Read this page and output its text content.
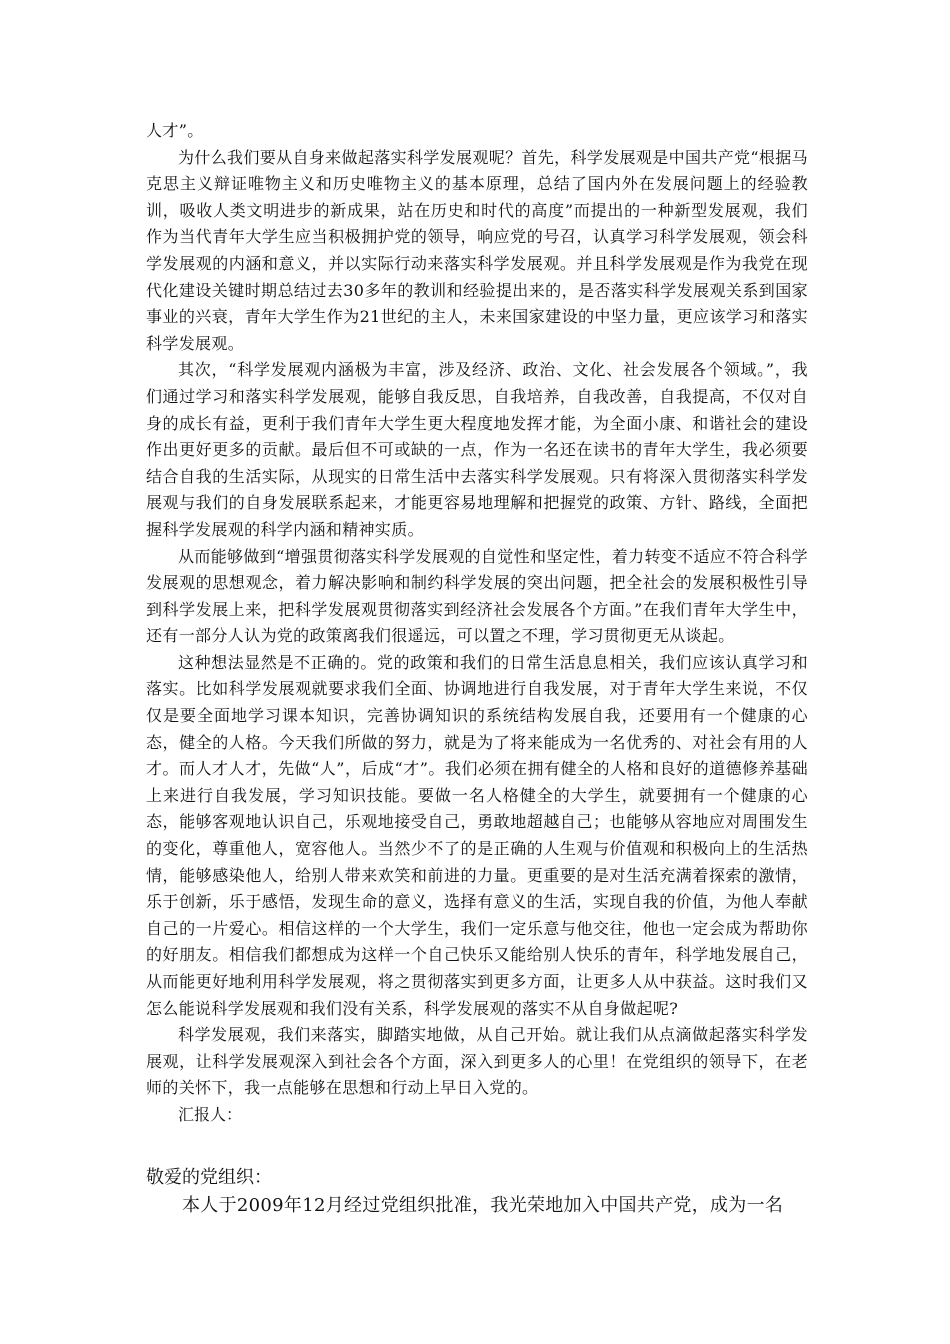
人才”。

为什么我们要从自身来做起落实科学发展观呢？首先，科学发展观是中国共产党“根据马克思主义辩证唯物主义和历史唯物主义的基本原理，总结了国内外在发展问题上的经验教训，吸收人类文明进步的新成果，站在历史和时代的高度”而提出的一种新型发展观，我们作为当代青年大学生应当积极拥护党的领导，响应党的号召，认真学习科学发展观，领会科学发展观的内涵和意义，并以实际行动来落实科学发展观。并且科学发展观是作为我党在现代化建设关键时期总结过去30多年的教训和经验提出来的，是否落实科学发展观关系到国家事业的兴衰，青年大学生作为21世纪的主人，未来国家建设的中坚力量，更应该学习和落实科学发展观。

其次，“科学发展观内涵极为丰富，涉及经济、政治、文化、社会发展各个领域。”，我们通过学习和落实科学发展观，能够自我反思，自我培养，自我改善，自我提高，不仅对自身的成长有益，更利于我们青年大学生更大程度地发挥才能，为全面小康、和谐社会的建设作出更好更多的贡献。最后但不可或缺的一点，作为一名还在读书的青年大学生，我必须要结合自我的生活实际，从现实的日常生活中去落实科学发展观。只有将深入贯彻落实科学发展观与我们的自身发展联系起来，才能更容易地理解和把握党的政策、方针、路线，全面把握科学发展观的科学内涵和精神实质。

从而能够做到“增强贯彻落实科学发展观的自觉性和坚定性，着力转变不适应不符合科学发展观的思想观念，着力解决影响和制约科学发展的突出问题，把全社会的发展积极性引导到科学发展上来，把科学发展观贯彻落实到经济社会发展各个方面。”在我们青年大学生中，还有一部分人认为党的政策离我们很遥远，可以置之不理，学习贯彻更无从谈起。

这种想法显然是不正确的。党的政策和我们的日常生活息息相关，我们应该认真学习和落实。比如科学发展观就要求我们全面、协调地进行自我发展，对于青年大学生来说，不仅仅是要全面地学习课本知识，完善协调知识的系统结构发展自我，还要用有一个健康的心态，健全的人格。今天我们所做的努力，就是为了将来能成为一名优秀的、对社会有用的人才。而人才人才，先做“人”，后成“才”。我们必须在拥有健全的人格和良好的道德修养基础上来进行自我发展，学习知识技能。要做一名人格健全的大学生，就要拥有一个健康的心态，能够客观地认识自己，乐观地接受自己，勇敢地超越自己；也能够从容地应对周围发生的变化，尊重他人，宽容他人。当然少不了的是正确的人生观与价值观和积极向上的生活热情，能够感染他人，给别人带来欢笑和前进的力量。更重要的是对生活充满着探索的激情，乐于创新，乐于感悟，发现生命的意义，选择有意义的生活，实现自我的价值，为他人奉献自己的一片爱心。相信这样的一个大学生，我们一定乐意与他交往，他也一定会成为帮助你的好朋友。相信我们都想成为这样一个自己快乐又能给别人快乐的青年，科学地发展自己，从而能更好地利用科学发展观，将之贯彻落实到更多方面，让更多人从中获益。这时我们又怎么能说科学发展观和我们没有关系，科学发展观的落实不从自身做起呢?

科学发展观，我们来落实，脚踏实地做，从自己开始。就让我们从点滴做起落实科学发展观，让科学发展观深入到社会各个方面，深入到更多人的心里！在党组织的领导下，在老师的关怀下，我一点能够在思想和行动上早日入党的。

汇报人：

敬爱的党组织：

本人于2009年12月经过党组织批准，我光荣地加入中国共产党，成为一名
